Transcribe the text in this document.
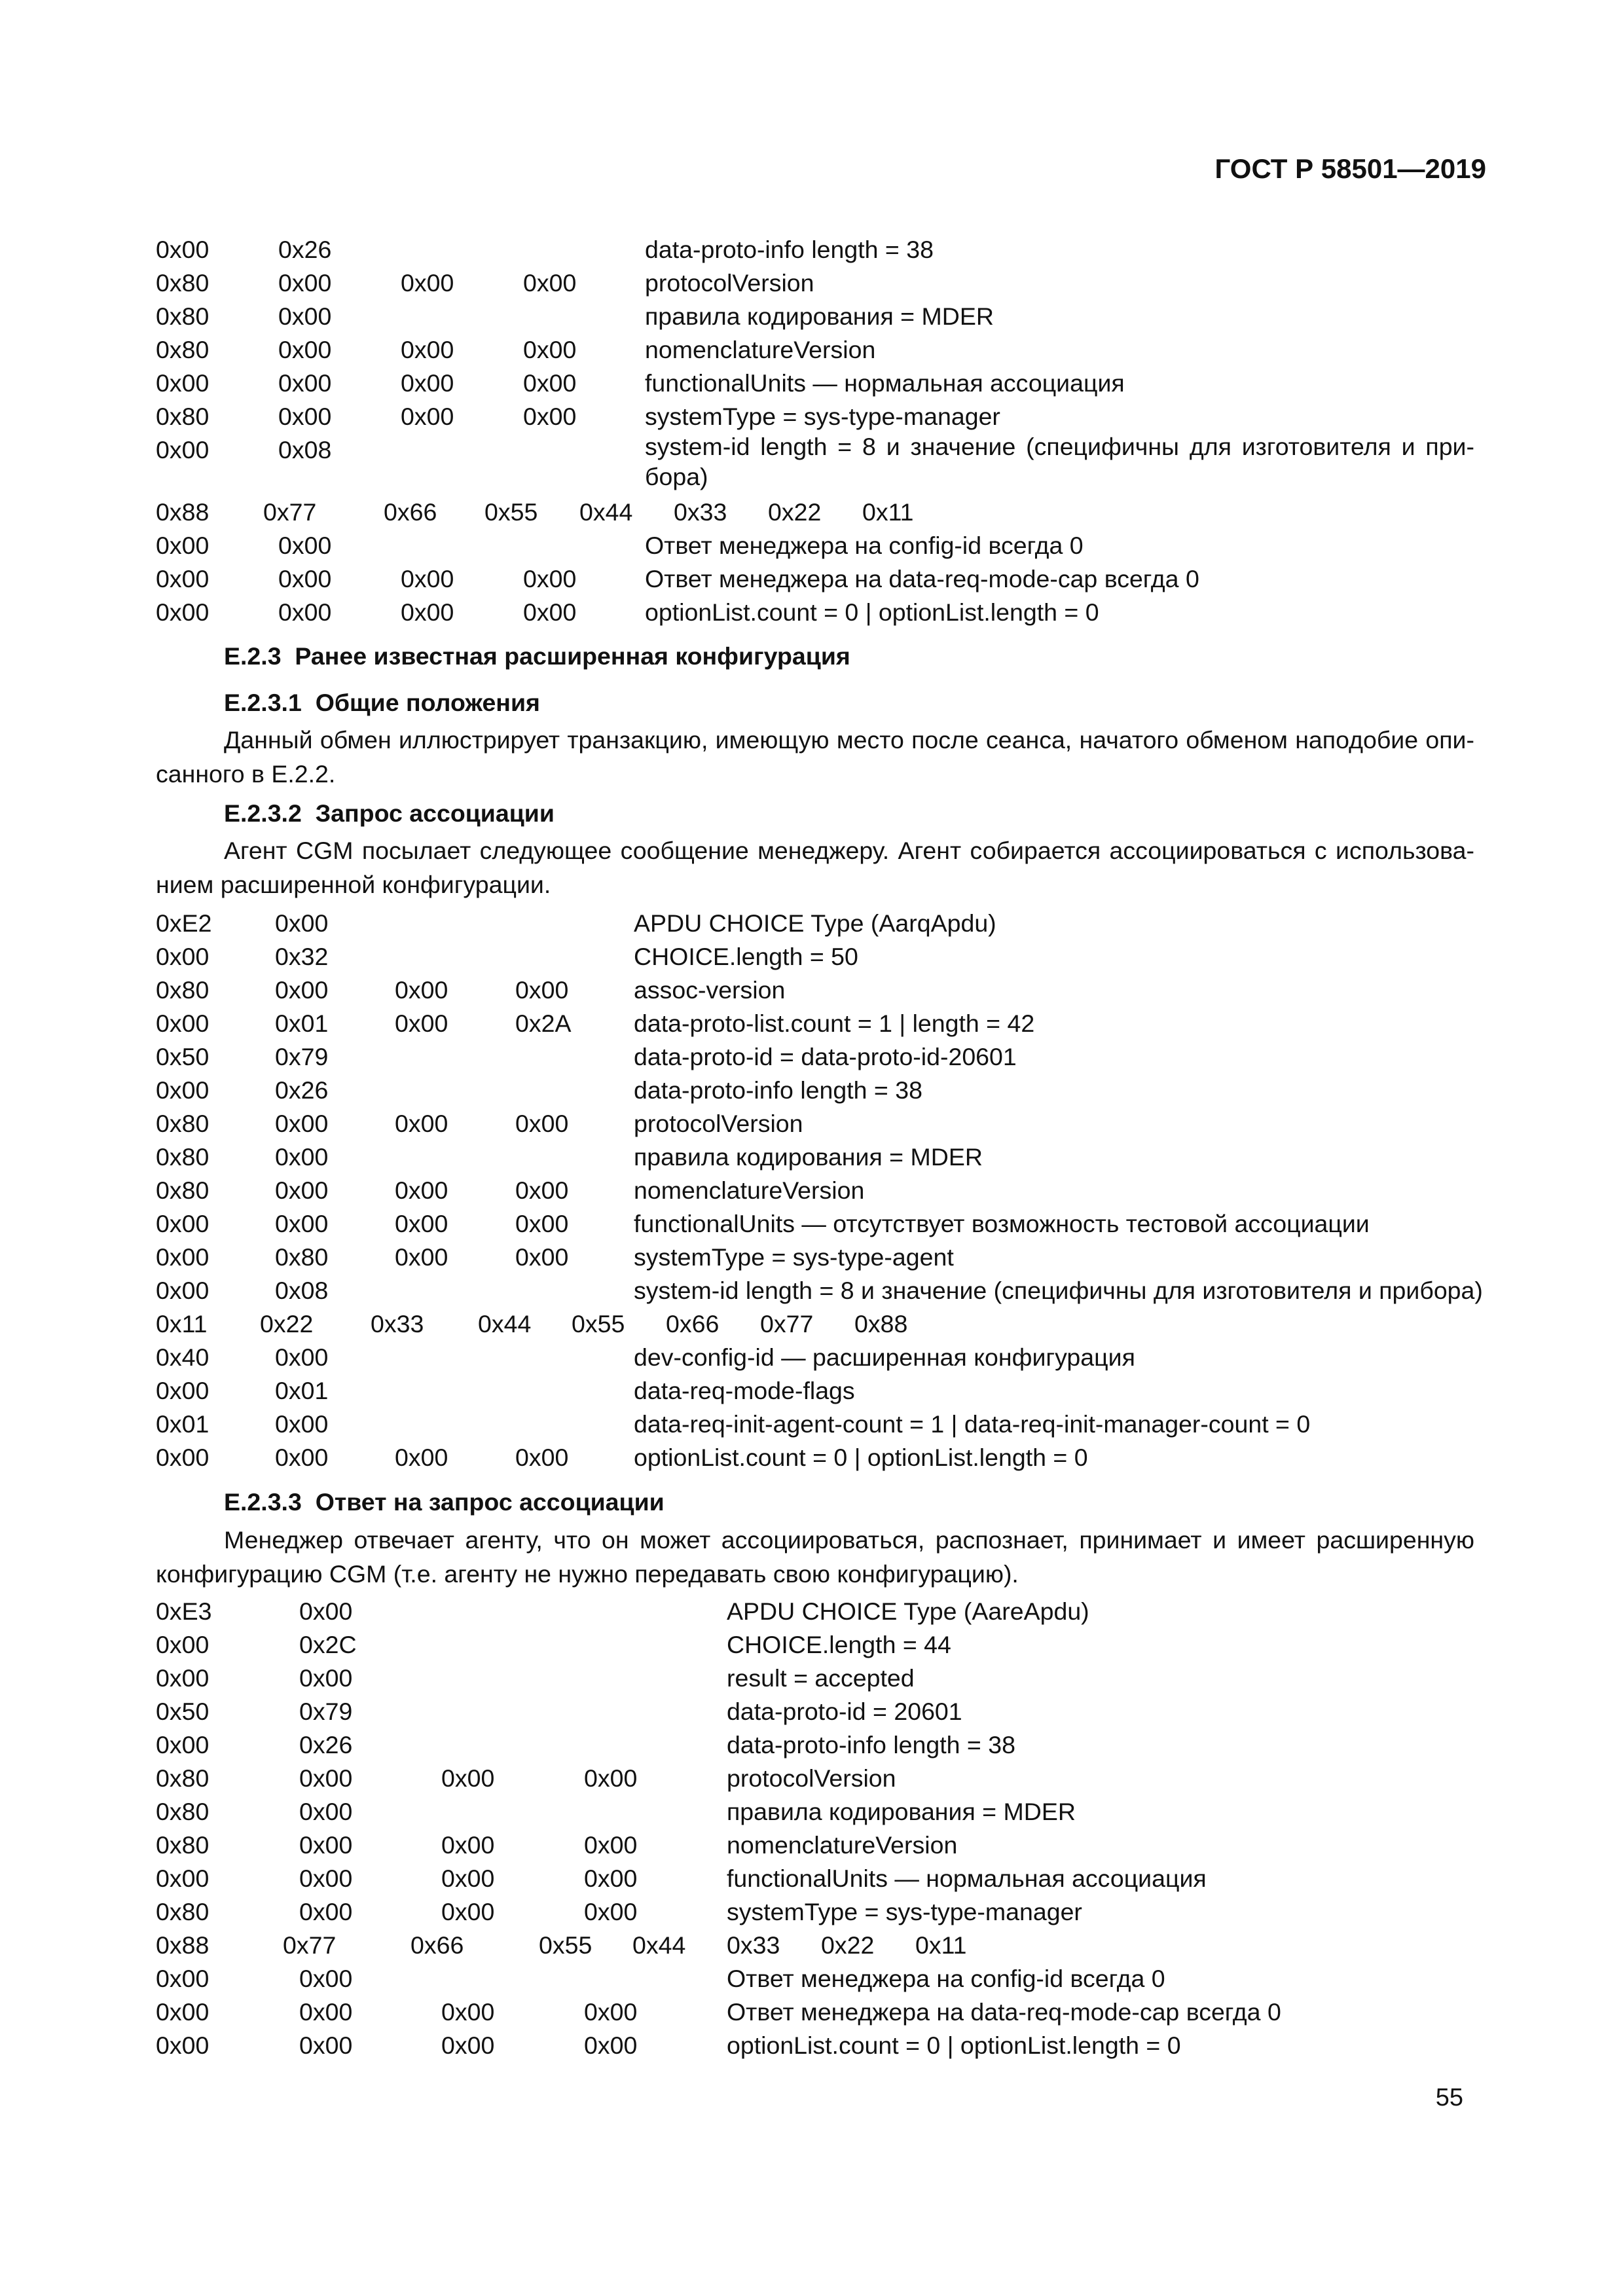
ГОСТ Р 58501—2019
0x00	0x26	data-proto-info length = 38
0x80	0x00	0x00	0x00	protocolVersion
0x80	0x00	правила кодирования = MDER
0x80	0x00	0x00	0x00	nomenclatureVersion
0x00	0x00	0x00	0x00	functionalUnits — нормальная ассоциация
0x80	0x00	0x00	0x00	systemType = sys-type-manager
0x00	0x08	system-id length = 8 и значение (специфичны для изготовителя и при-бора)
0x88 0x77	0x66 0x55 0x44 0x33 0x22 0x11
0x00	0x00	Ответ менеджера на config-id всегда 0
0x00	0x00	0x00	0x00	Ответ менеджера на data-req-mode-cap всегда 0
0x00	0x00	0x00	0x00	optionList.count = 0 | optionList.length = 0
Е.2.3 Ранее известная расширенная конфигурация
Е.2.3.1 Общие положения
Данный обмен иллюстрирует транзакцию, имеющую место после сеанса, начатого обменом наподобие опи-санного в Е.2.2.
Е.2.3.2 Запрос ассоциации
Агент CGM посылает следующее сообщение менеджеру. Агент собирается ассоциироваться с использова-нием расширенной конфигурации.
0xE2	0x00	APDU CHOICE Type (AarqApdu)
0x00	0x32	CHOICE.length = 50
0x80	0x00	0x00	0x00	assoc-version
0x00	0x01	0x00	0x2A	data-proto-list.count = 1 | length = 42
0x50	0x79	data-proto-id = data-proto-id-20601
0x00	0x26	data-proto-info length = 38
0x80	0x00	0x00	0x00	protocolVersion
0x80	0x00	правила кодирования = MDER
0x80	0x00	0x00	0x00	nomenclatureVersion
0x00	0x00	0x00	0x00	functionalUnits — отсутствует возможность тестовой ассоциации
0x00	0x80	0x00	0x00	systemType = sys-type-agent
0x00	0x08	system-id length = 8 и значение (специфичны для изготовителя и прибора)
0x11 0x22 0x33 0x44 0x55 0x66 0x77 0x88
0x40	0x00	dev-config-id — расширенная конфигурация
0x00	0x01	data-req-mode-flags
0x01	0x00	data-req-init-agent-count = 1 | data-req-init-manager-count = 0
0x00	0x00	0x00	0x00	optionList.count = 0 | optionList.length = 0
Е.2.3.3 Ответ на запрос ассоциации
Менеджер отвечает агенту, что он может ассоциироваться, распознает, принимает и имеет расширенную конфигурацию CGM (т.е. агенту не нужно передавать свою конфигурацию).
0xE3	0x00	APDU CHOICE Type (AareApdu)
0x00	0x2C	CHOICE.length = 44
0x00	0x00	result = accepted
0x50	0x79	data-proto-id = 20601
0x00	0x26	data-proto-info length = 38
0x80	0x00	0x00	0x00	protocolVersion
0x80	0x00	правила кодирования = MDER
0x80	0x00	0x00	0x00	nomenclatureVersion
0x00	0x00	0x00	0x00	functionalUnits — нормальная ассоциация
0x80	0x00	0x00	0x00	systemType = sys-type-manager
0x88	0x77	0x66	0x55 0x44 0x33 0x22 0x11
0x00	0x00	Ответ менеджера на config-id всегда 0
0x00	0x00	0x00	0x00	Ответ менеджера на data-req-mode-cap всегда 0
0x00	0x00	0x00	0x00	optionList.count = 0 | optionList.length = 0
55
